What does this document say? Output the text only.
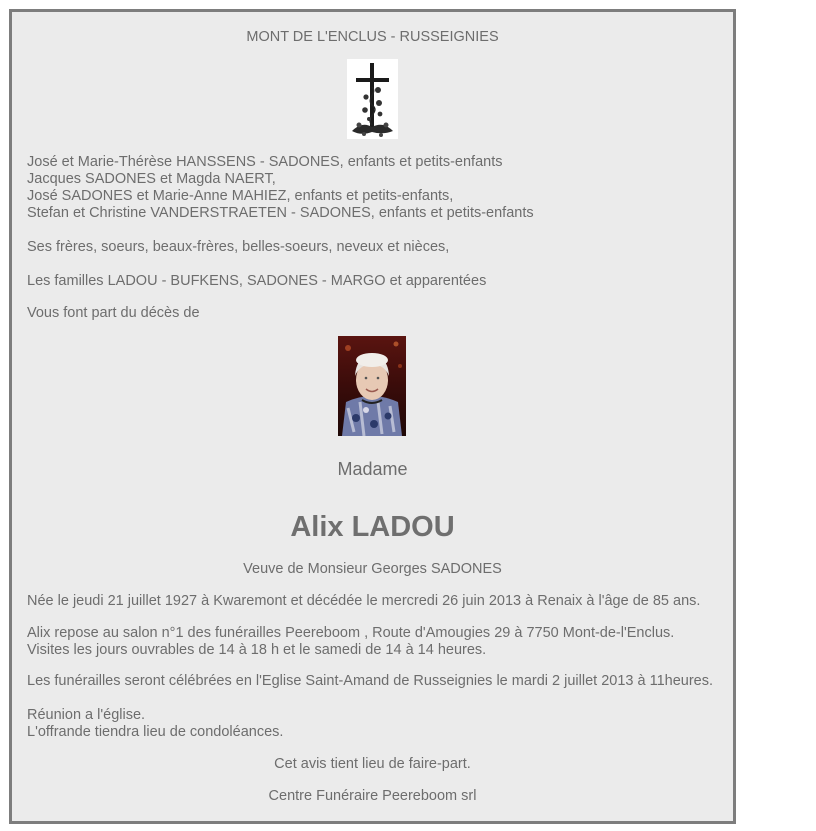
MONT DE L'ENCLUS - RUSSEIGNIES
José et Marie-Thérèse HANSSENS - SADONES, enfants et petits-enfants
Jacques SADONES et Magda NAERT,
José SADONES et Marie-Anne MAHIEZ, enfants et petits-enfants,
Stefan et Christine VANDERSTRAETEN - SADONES, enfants et petits-enfants
Ses frères, soeurs, beaux-frères, belles-soeurs, neveux et nièces,
Les familles LADOU - BUFKENS, SADONES - MARGO et apparentées
Vous font part du décès de
Madame
Alix LADOU
Veuve de Monsieur Georges SADONES
Née le jeudi 21 juillet 1927 à Kwaremont et décédée le mercredi 26 juin 2013 à Renaix à l'âge de 85 ans.
Alix repose au salon n°1 des funérailles Peereboom , Route d'Amougies 29 à 7750 Mont-de-l'Enclus.
Visites les jours ouvrables de 14 à 18 h et le samedi de 14 à 14 heures.
Les funérailles seront célébrées en l'Eglise Saint-Amand de Russeignies le mardi 2 juillet 2013 à 11heures.
Réunion a l'église.
L'offrande tiendra lieu de condoléances.
Cet avis tient lieu de faire-part.
Centre Funéraire Peereboom srl
